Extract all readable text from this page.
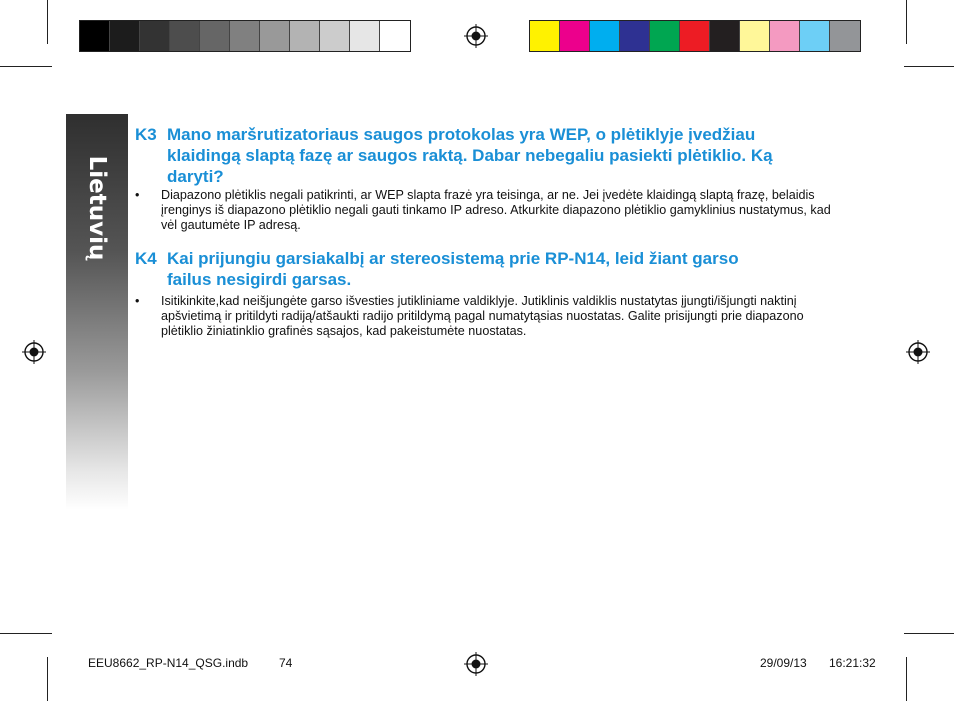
Lietuvių
K3 Mano maršrutizatoriaus saugos protokolas yra WEP, o plėtiklyje įvedžiau klaidingą slaptą fazę ar saugos raktą. Dabar nebegaliu pasiekti plėtiklio. Ką daryti?
• Diapazono plėtiklis negali patikrinti, ar WEP slapta frazė yra teisinga, ar ne. Jei įvedėte klaidingą slaptą frazę, belaidis įrenginys iš diapazono plėtiklio negali gauti tinkamo IP adreso. Atkurkite diapazono plėtiklio gamyklinius nustatymus, kad vėl gautumėte IP adresą.
K4 Kai prijungiu garsiakalbį ar stereosistemą prie RP-N14, leid žiant garso failus nesigirdi garsas.
• Isitikinkite,kad neišjungėte garso išvesties jutikliniame valdiklyje. Jutiklinis valdiklis nustatytas įjungti/išjungti naktinį apšvietimą ir pritildyti radiją/atšaukti radijo pritildymą pagal numatytąsias nuostatas. Galite prisijungti prie diapazono plėtiklio žiniatinklio grafinės sąsajos, kad pakeistumėte nuostatas.
EEU8662_RP-N14_QSG.indb	74	29/09/13 16:21:32
